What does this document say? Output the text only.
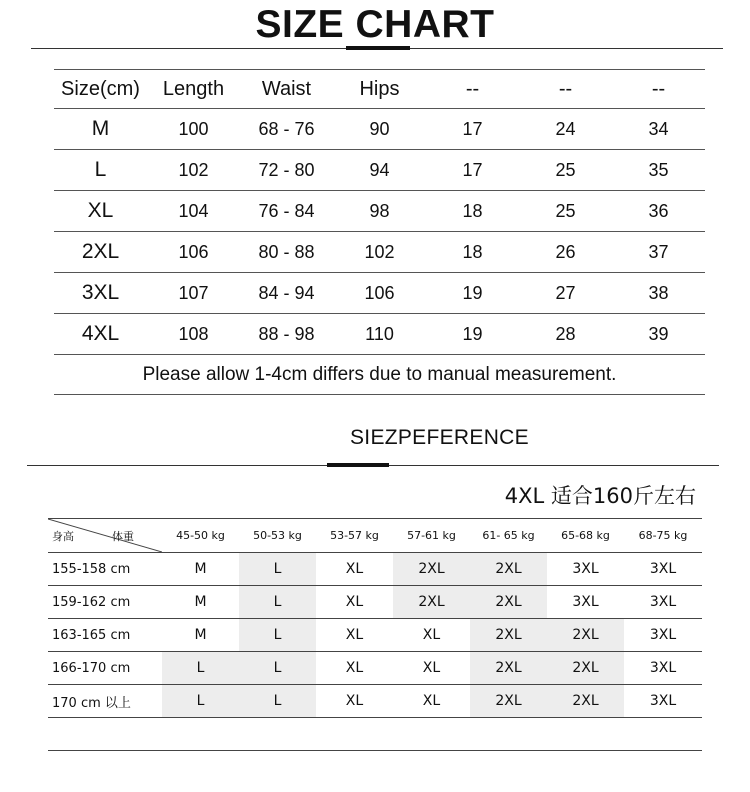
SIZE CHART
Size(cm)	Length	Waist	Hips	--	--	--
M	100	68 - 76	90	17	24	34
L	102	72 - 80	94	17	25	35
XL	104	76 - 84	98	18	25	36
2XL	106	80 - 88	102	18	26	37
3XL	107	84 - 94	106	19	27	38
4XL	108	88 - 98	110	19	28	39
Please allow 1-4cm differs due to manual measurement.						
SIEZPEFERENCE
4XL 适合160斤左右
身高 体重	45-50 kg	50-53 kg	53-57 kg	57-61 kg	61- 65 kg	65-68 kg	68-75 kg
155-158 cm	M	L	XL	2XL	2XL	3XL	3XL
159-162 cm	M	L	XL	2XL	2XL	3XL	3XL
163-165 cm	M	L	XL	XL	2XL	2XL	3XL
166-170 cm	L	L	XL	XL	2XL	2XL	3XL
170 cm 以上	L	L	XL	XL	2XL	2XL	3XL
